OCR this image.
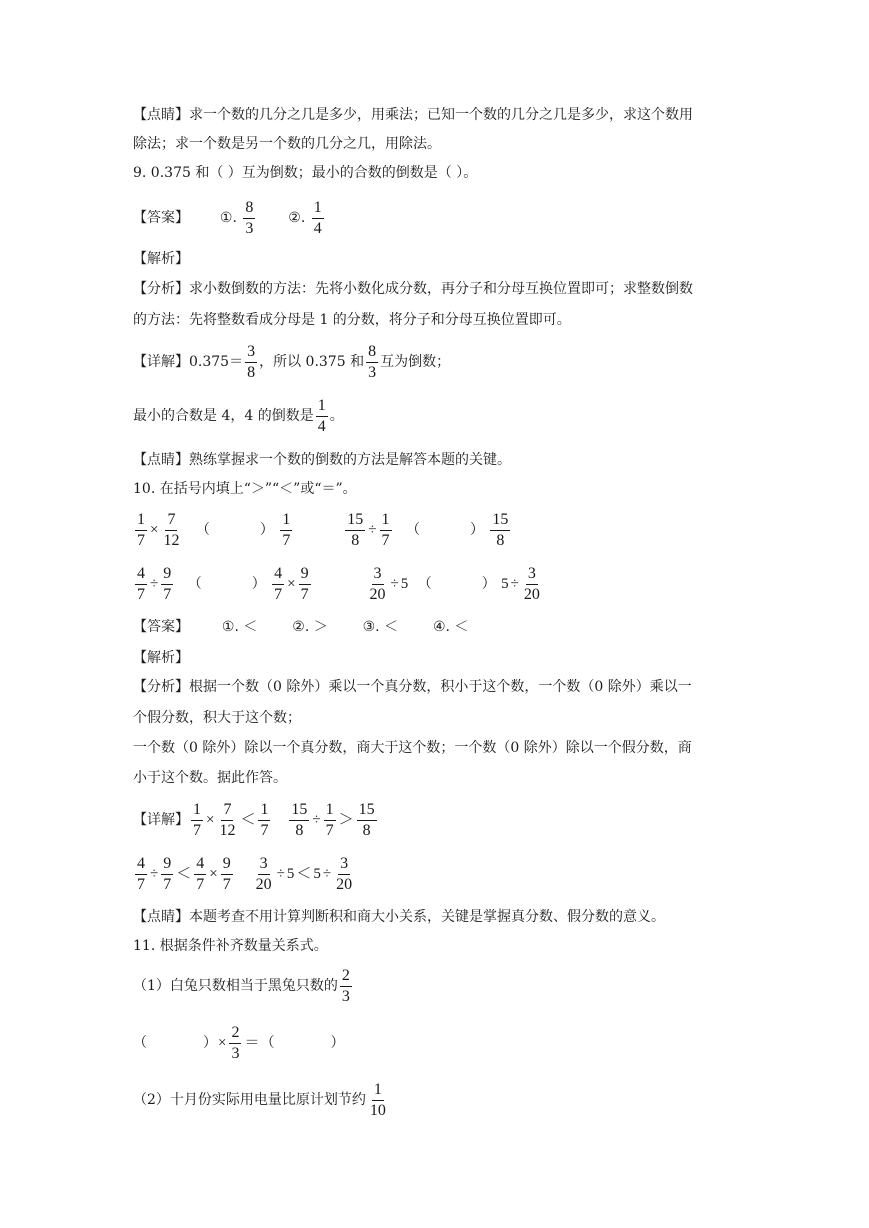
【点睛】求一个数的几分之几是多少，用乘法；已知一个数的几分之几是多少，求这个数用
除法；求一个数是另一个数的几分之几，用除法。
9. 0.375 和（ ）互为倒数；最小的合数的倒数是（ ）。
【答案】 ①. $\frac{8}{3}$ ②. $\frac{1}{4}$
【解析】
【分析】求小数倒数的方法：先将小数化成分数，再分子和分母互换位置即可；求整数倒数
的方法：先将整数看成分母是 1 的分数，将分子和分母互换位置即可。
【详解】$0.375= \frac{3}{8}$ ，所以 0.375 和 $\frac{8}{3}$ 互为倒数；
最小的合数是 4，4 的倒数是 $\frac{1}{4}$ 。
【点睛】熟练掌握求一个数的倒数的方法是解答本题的关键。
10. 在括号内填上“＞”“＜”或“＝”。
$\frac{1}{7} \times \frac{7}{12}$ （	） $\frac{1}{7}$
	$\frac{15}{8} \div \frac{1}{7}$ （	） $\frac{15}{8}$
$\frac{4}{7} \div \frac{9}{7}$ （	） $\frac{4}{7} \times \frac{9}{7}$
	$\frac{3}{20} \div 5$ （	） $5 \div \frac{3}{20}$
【答案】 ①. ＜ ②. ＞ ③. ＜ ④. ＜
【解析】
【分析】根据一个数（0 除外）乘以一个真分数，积小于这个数，一个数（0 除外）乘以一
个假分数，积大于这个数；
一个数（0 除外）除以一个真分数，商大于这个数；一个数（0 除外）除以一个假分数，商
小于这个数。据此作答。
【详解】 $\frac{1}{7} \times \frac{7}{12} < \frac{1}{7}$
$\frac{15}{8} \div \frac{1}{7} > \frac{15}{8}$
$\frac{4}{7} \div \frac{9}{7} < \frac{4}{7} \times \frac{9}{7}$
$\frac{3}{20} \div 5 < 5 \div \frac{3}{20}$
【点睛】本题考查不用计算判断积和商大小关系，关键是掌握真分数、假分数的意义。
11. 根据条件补齐数量关系式。
（1）白兔只数相当于黑兔只数的 $\frac{2}{3}$
（	）× $\frac{2}{3}$ ＝（	）
（2）十月份实际用电量比原计划节约 $\frac{1}{10}$
